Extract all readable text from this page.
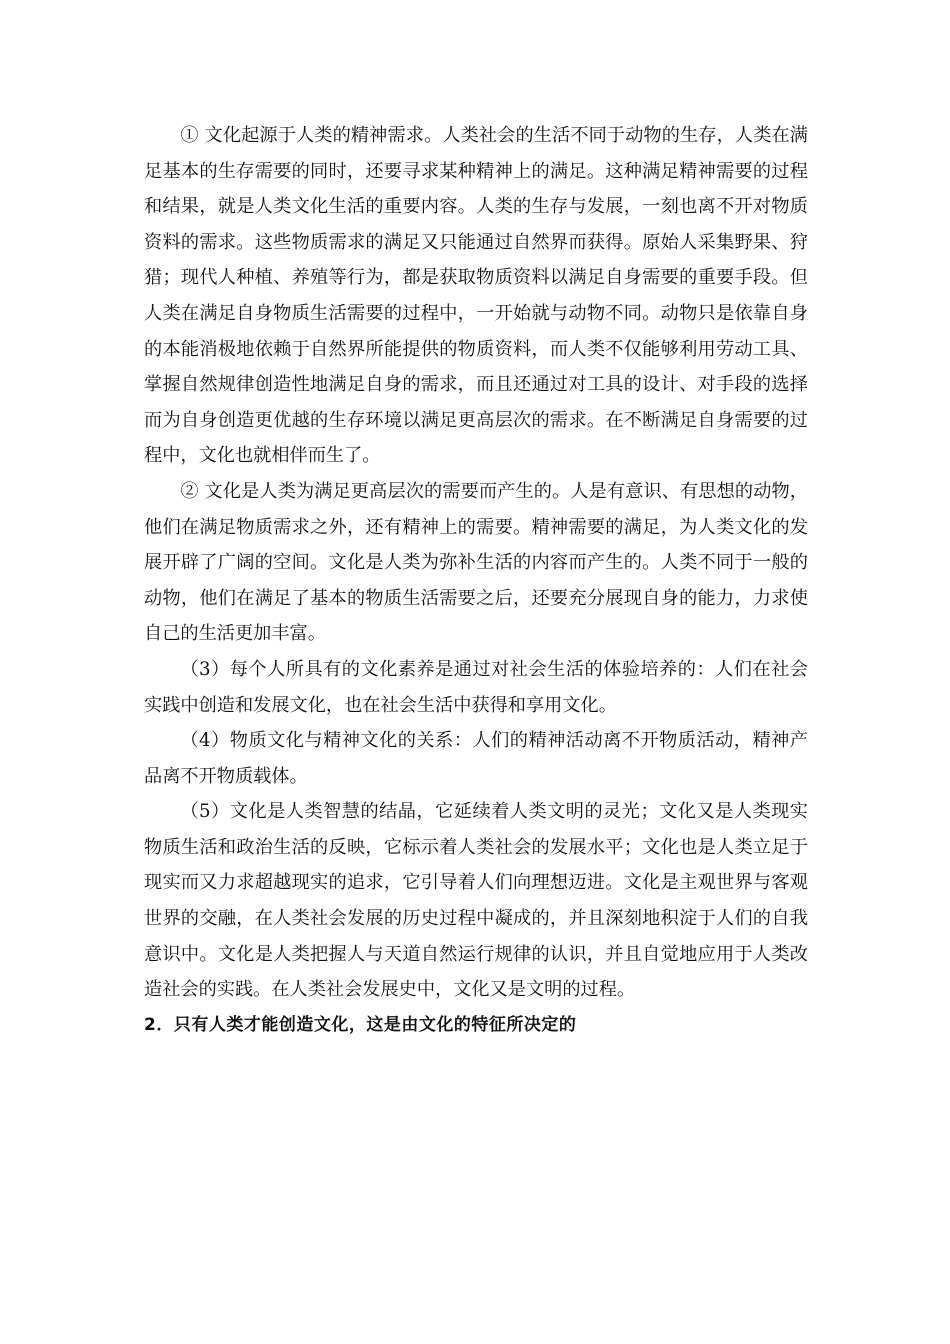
① 文化起源于人类的精神需求。人类社会的生活不同于动物的生存，人类在满足基本的生存需要的同时，还要寻求某种精神上的满足。这种满足精神需要的过程和结果，就是人类文化生活的重要内容。人类的生存与发展，一刻也离不开对物质资料的需求。这些物质需求的满足又只能通过自然界而获得。原始人采集野果、狩猎；现代人种植、养殖等行为，都是获取物质资料以满足自身需要的重要手段。但人类在满足自身物质生活需要的过程中，一开始就与动物不同。动物只是依靠自身的本能消极地依赖于自然界所能提供的物质资料，而人类不仅能够利用劳动工具、掌握自然规律创造性地满足自身的需求，而且还通过对工具的设计、对手段的选择而为自身创造更优越的生存环境以满足更高层次的需求。在不断满足自身需要的过程中，文化也就相伴而生了。

② 文化是人类为满足更高层次的需要而产生的。人是有意识、有思想的动物，他们在满足物质需求之外，还有精神上的需要。精神需要的满足，为人类文化的发展开辟了广阔的空间。文化是人类为弥补生活的内容而产生的。人类不同于一般的动物，他们在满足了基本的物质生活需要之后，还要充分展现自身的能力，力求使自己的生活更加丰富。

（3）每个人所具有的文化素养是通过对社会生活的体验培养的：人们在社会实践中创造和发展文化，也在社会生活中获得和享用文化。

（4）物质文化与精神文化的关系：人们的精神活动离不开物质活动，精神产品离不开物质载体。

（5）文化是人类智慧的结晶，它延续着人类文明的灵光；文化又是人类现实物质生活和政治生活的反映，它标示着人类社会的发展水平；文化也是人类立足于现实而又力求超越现实的追求，它引导着人们向理想迈进。文化是主观世界与客观世界的交融，在人类社会发展的历史过程中凝成的，并且深刻地积淀于人们的自我意识中。文化是人类把握人与天道自然运行规律的认识，并且自觉地应用于人类改造社会的实践。在人类社会发展史中，文化又是文明的过程。

2．只有人类才能创造文化，这是由文化的特征所决定的
